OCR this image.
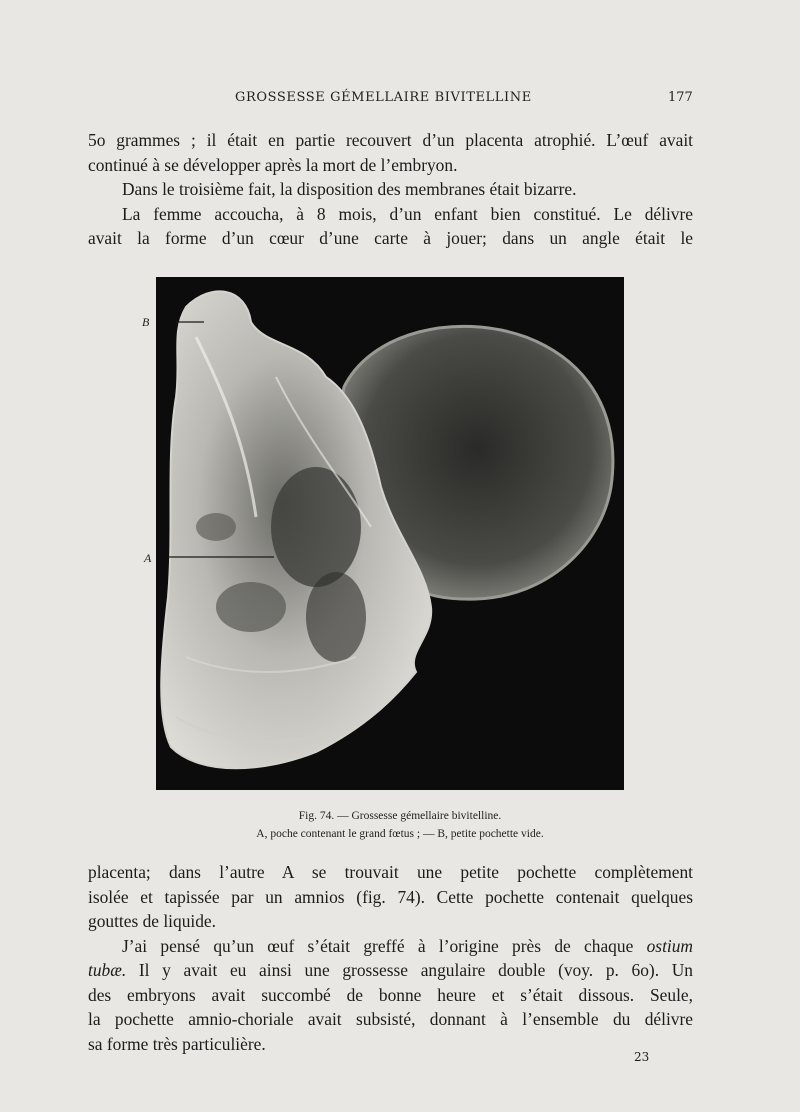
GROSSESSE GÉMELLAIRE BIVITELLINE	177
5o grammes ; il était en partie recouvert d’un placenta atrophié. L’œuf avait
continué à se développer après la mort de l’embryon.
Dans le troisième fait, la disposition des membranes était bizarre.
La femme accoucha, à 8 mois, d’un enfant bien constitué. Le délivre
avait la forme d’un cœur d’une carte à jouer; dans un angle était le
B
A
Fig. 74. — Grossesse gémellaire bivitelline.
A, poche contenant le grand fœtus ; — B, petite pochette vide.
placenta; dans l’autre A se trouvait une petite pochette complètement
isolée et tapissée par un amnios (fig. 74). Cette pochette contenait quelques
gouttes de liquide.
J’ai pensé qu’un œuf s’était greffé à l’origine près de chaque ostium
tubæ. Il y avait eu ainsi une grossesse angulaire double (voy. p. 6o). Un
des embryons avait succombé de bonne heure et s’était dissous. Seule,
la pochette amnio-choriale avait subsisté, donnant à l’ensemble du délivre
sa forme très particulière.
23
